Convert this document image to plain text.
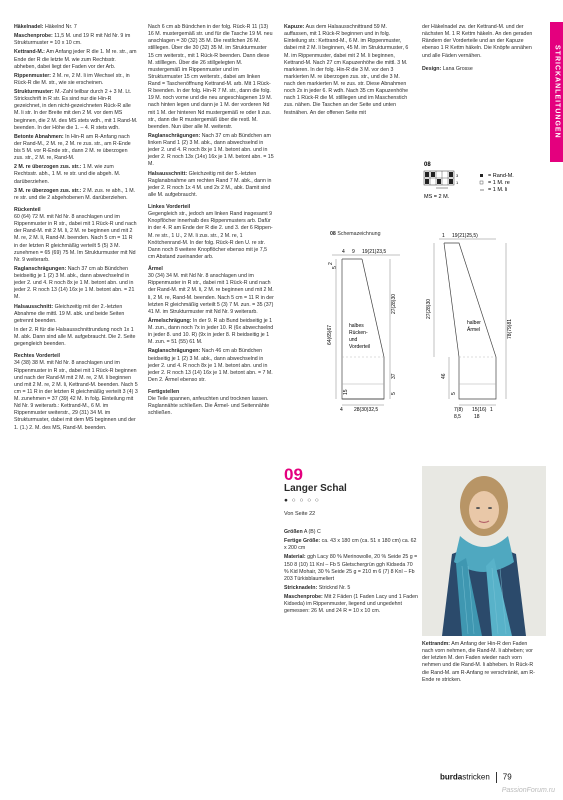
STRICKANLEITUNGEN

Häkelnadel: Häkelnd Nr. 7

Maschenprobe: 11,5 M. und 19 R mit Nd Nr. 9 im Strukturmuster = 10 x 10 cm.

Kettrand-M.: Am Anfang jeder R die 1. M re. str., am Ende der R die letzte M. wie zum Rechtsstr. abheben, dabei liegt der Faden vor der Arb.

Rippenmuster: 2 M. re, 2 M. li im Wechsel str., in Rück-R die M. str., wie sie erscheinen.

Strukturmuster: M.-Zahl teilbar durch 2 + 3 M. Lt. Strickschrift in R str. Es sind nur die Hin-R gezeichnet, in den nicht-gezeichneten Rück-R alle M. li str. In der Breite mit den 2 M. vor dem MS beginnen, die 2 M. des MS stets wdh., mit 1 Rand-M. beenden. In der Höhe die 1. – 4. R stets wdh.

Betonte Abnahmen: In Hin-R am R-Anfang nach der Rand-M., 2 M. re, 2 M. re zus. str., am R-Ende bis 5 M. vor R-Ende str., dann 2 M. re überzogen zus. str., 2 M. re, Rand-M.

2 M. re überzogen zus. str.: 1 M. wie zum Rechtsstr. abh., 1 M. re str. und die abgeh. M. darüberziehen.

3 M. re überzogen zus. str.: 2 M. zus. re abh., 1 M. re str. und die 2 abgehobenen M. darüberziehen.

Rückenteil
60 (64) 72 M. mit Nd Nr. 8 anschlagen und im Rippenmuster in R str., dabei mit 1 Rück-R und nach der Rand-M. mit 2 M. li, 2 M. re beginnen und mit 2 M. re, 2 M. li, Rand-M. beenden. Nach 5 cm = 11 R in der letzten R gleichmäßig verteilt 5 (5) 3 M. zunehmen = 65 (69) 75 M. Im Strukturmuster mit Nd Nr. 9 weiterarb.

Raglanschrägungen: Nach 37 cm ab Bündchen beidseitig je 1 (2) 3 M. abk., dann abwechselnd in jeder 2. und 4. R noch 8x je 1 M. betont abn. und in jeder 2. R noch 13 (14) 16x je 1 M. betont abn. = 21 M.

Halsausschnitt: Gleichzeitig mit der 2.-letzten Abnahme die mittl. 19 M. abk. und beide Seiten getrennt beenden.

In der 2. R für die Halsausschnittrundung noch 1x 1 M. abk. Dann sind alle M. aufgebraucht. Die 2. Seite gegengleich beenden.

Rechtes Vorderteil
34 (38) 38 M. mit Nd Nr. 8 anschlagen und im Rippenmuster in R str., dabei mit 1 Rück-R beginnen und nach der Rand-M mit 2 M. re, 2 M. li beginnen und mit 2 M. re, 2 M. li, Kettrand-M. beenden. Nach 5 cm = 11 R in der letzten R gleichmäßig verteilt 3 (4) 3 M. zunehmen = 37 (39) 42 M. In folg. Einteilung mit Nd Nr. 9 weiterarb.: Kettrand-M., 6 M. im Rippenmuster weiterstr., 29 (31) 34 M. im Strukturmuster, dabei mit dem MS beginnen und der 1. (1.) 2. M. des MS, Rand-M. beenden.

Nach 6 cm ab Bündchen in der folg. Rück-R 11 (13) 16 M. mustergemäß str. und für die Tasche 19 M. neu anschlagen = 30 (32) 35 M. Die restlichen 26 M. stilllegen. Über die 30 (32) 35 M. im Strukturmuster 15 cm weiterstr., mit 1 Rück-R beenden. Dann diese M. stilllegen. Über die 26 stillgelegten M. mustergemäß im Rippenmuster und im Strukturmuster 15 cm weiterstr., dabei am linken Rand = Taschenöffnung Kettrand-M. arb. Mit 1 Rück-R beenden. In der folg. Hin-R 7 M. str., dann die folg. 19 M. noch vorne und die neu angeschlagenen 19 M. nach hinten legen und dann je 1 M. der vorderen Nd mit 1 M. der hinteren Nd mustergemäß re oder li zus. str., dann die R mustergemäß über die restl. M. beenden. Nun über alle M. weiterstr.

Raglanschrägungen: Nach 37 cm ab Bündchen am linken Rand 1 (2) 3 M. abk., dann abwechselnd in jeder 2. und 4. R noch 8x je 1 M. betont abn. und in jeder 2. R noch 13x (14x) 16x je 1 M. betont abn. = 15 M.

Halsausschnitt: Gleichzeitig mit der 5.-letzten Raglanabnahme am rechten Rand 7 M. abk., dann in jeder 2. R noch 1x 4 M. und 2x 2 M., abk. Damit sind alle M. aufgebraucht.

Linkes Vorderteil
Gegengleich str., jedoch am linken Rand insgesamt 9 Knopflöcher innerhalb des Rippenmusters arb. Dafür in der 4. R am Ende der R die 2. und 3. der 6 Rippen-M. re str., 1 U., 2 M. li zus. str., 2 M. re, 1 Knötchenrand-M. In der folg. Rück-R den U. re str. Dann noch 8 weitere Knopflöcher ebenso mit je 7,5 cm Abstand zueinander arb.

Ärmel
30 (34) 34 M. mit Nd Nr. 8 anschlagen und im Rippenmuster in R str., dabei mit 1 Rück-R und nach der Rand-M. mit 2 M. li, 2 M. re beginnen und mit 2 M. li, 2 M. re, Rand-M. beenden. Nach 5 cm = 11 R in der letzten R gleichmäßig verteilt 5 (3) 7 M. zun. = 35 (37) 41 M. im Strukturmuster mit Nd Nr. 9 weiterarb.

Ärmelschrägung: In der 9. R ab Bund beidseitig je 1 M. zun., dann noch 7x in jeder 10. R (6x abwechselnd in jeder 8. und 10. R) (9x in jeder 8. R beidseitig je 1 M. zun. = 51 (55) 61 M.

Raglanschrägungen: Nach 46 cm ab Bündchen beidseitig je 1 (2) 3 M. abk., dann abwechselnd in jeder 2. und 4. R noch 8x je 1 M. betont abn. und in jeder 2. R noch 13 (14) 16x je 1 M. betont abn. = 7 M. Den 2. Ärmel ebenso str.

Fertigstellen
Die Teile spannen, anfeuchten und trocknen lassen. Raglannähte schließen. Die Ärmel- und Seitennähte schließen.

Kapuze: Aus dem Halsausschnittrand 59 M. auffassen, mit 1 Rück-R beginnen und in folg. Einteilung str.: Kettrand-M., 6 M. im Rippenmuster, dabei mit 2 M. li beginnen, 45 M. im Strukturmuster, 6 M. im Rippenmuster, dabei mit 2 M. li beginnen, Kettrand-M. Nach 27 cm Kapuzenhöhe die mittl. 3 M. markieren. In der folg. Hin-R die 3 M. vor den 3 markierten M. re überzogen zus. str., und die 3 M. nach den markierten M. re zus. str. Diese Abnahmen noch 2x in jeder 6. R wdh. Nach 35 cm Kapuzenhöhe nach 1 Rück-R die M. stilllegen und im Maschenstich zus. nähen. Die Taschen an der Seite und unten festnähen. An der offenen Seite mit

der Häkelnadel zw. der Kettrand-M. und der nächsten M. 1 R Kettm häkeln. An den geraden Rändern der Vorderteile und an der Kapuze ebenso 1 R Kettm häkeln. Die Knöpfe annähen und alle Fäden vernähen.

Design: Lana Grosse

08
3
1
MS = 2 M.
= Rand-M.
= 1 M. re
= 1 M. li
08 Schemazeichnung
halbes
Rücken-
und
Vorderteil
4 9 19(21)23,5
2
5
64(65)67
27(28)30
37
5
15
4 28(30)32,5
halber
Ärmel
1 19(21)25,5)
27(28)30
46
5
78(79)81
7(8) 15(16) 1
8,5	18
09
Langer Schal
● ○ ○ ○ ○
Von Seite 22

Größen A (B) C

Fertige Größe: ca. 43 x 180 cm (ca. 51 x 180 cm) ca. 62 x 200 cm

Material: ggh Lacy 80 % Merinowolle, 20 % Seide 25 g = 150 8 (10) 11 Knl – Fb 5 Gletschergrün ggh Kidseda 70 % Kid Mohair, 30 % Seide 25 g = 210 m 6 (7) 8 Knl – Fb 203 Türkisblaumeliert

Stricknadeln: Stricknd Nr. 5

Maschenprobe: Mit 2 Fäden (1 Faden Lacy und 1 Faden Kidseda) im Rippenmuster, liegend und ungedehnt gemessen: 26 M. und 24 R = 10 x 10 cm.

Kettrandm: Am Anfang der Hin-R den Faden nach vorn nehmen, die Rand-M. li abheben; vor der letzten M. den Faden wieder nach vorn nehmen und die Rand-M. li abheben. In Rück-R die Rand-M. am R-Anfang re verschränkt, am R-Ende re stricken.

burdastricken 79
PassionForum.ru
